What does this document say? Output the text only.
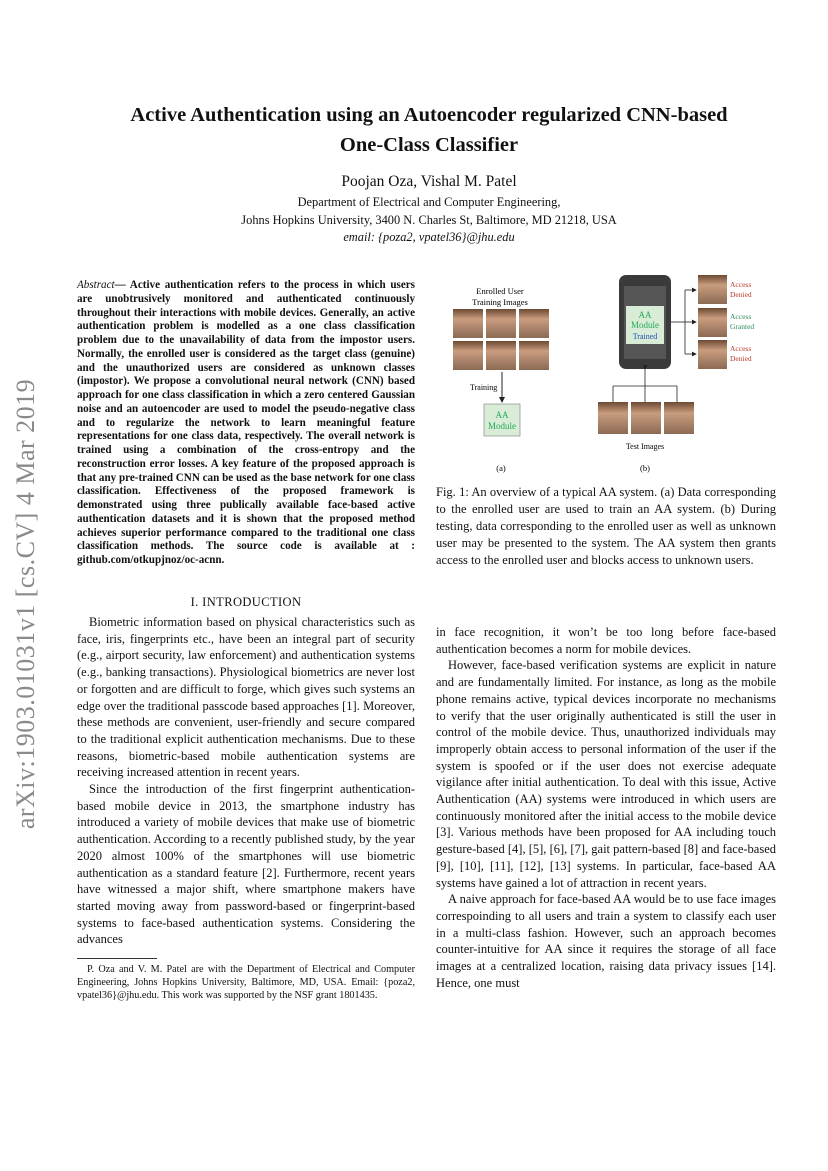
arXiv:1903.01031v1 [cs.CV] 4 Mar 2019
Active Authentication using an Autoencoder regularized CNN-based
One-Class Classifier
Poojan Oza, Vishal M. Patel
Department of Electrical and Computer Engineering,
Johns Hopkins University, 3400 N. Charles St, Baltimore, MD 21218, USA
email: {poza2, vpatel36}@jhu.edu

Abstract— Active authentication refers to the process in which users are unobtrusively monitored and authenticated continuously throughout their interactions with mobile devices. Generally, an active authentication problem is modelled as a one class classification problem due to the unavailability of data from the impostor users. Normally, the enrolled user is considered as the target class (genuine) and the unauthorized users are considered as unknown classes (impostor). We propose a convolutional neural network (CNN) based approach for one class classification in which a zero centered Gaussian noise and an autoencoder are used to model the pseudo-negative class and to regularize the network to learn meaningful feature representations for one class data, respectively. The overall network is trained using a combination of the cross-entropy and the reconstruction error losses. A key feature of the proposed approach is that any pre-trained CNN can be used as the base network for one class classification. Effectiveness of the proposed framework is demonstrated using three publically available face-based active authentication datasets and it is shown that the proposed method achieves superior performance compared to the traditional one class classification methods. The source code is available at : github.com/otkupjnoz/oc-acnn.

I. INTRODUCTION

Biometric information based on physical characteristics such as face, iris, fingerprints etc., have been an integral part of security (e.g., airport security, law enforcement) and authentication systems (e.g., banking transactions). Physiological biometrics are never lost or forgotten and are difficult to forge, which gives such systems an edge over the traditional passcode based approaches [1]. Moreover, these methods are convenient, user-friendly and secure compared to the traditional explicit authentication mechanisms. Due to these reasons, biometric-based mobile authentication systems are receiving increased attention in recent years.

Since the introduction of the first fingerprint authentication-based mobile device in 2013, the smartphone industry has introduced a variety of mobile devices that make use of biometric authentication. According to a recently published study, by the year 2020 almost 100% of the smartphones will use biometric authentication as a standard feature [2]. Furthermore, recent years have witnessed a major shift, where smartphone makers have started moving away from password-based or fingerprint-based systems to face-based authentication systems. Considering the advances

P. Oza and V. M. Patel are with the Department of Electrical and Computer Engineering, Johns Hopkins University, Baltimore, MD, USA. Email: {poza2, vpatel36}@jhu.edu. This work was supported by the NSF grant 1801435.
Enrolled User
Training Images
Training
AA
Module
(a)
AA
Module
Trained
Access
Denied
Access
Granted
Access
Denied
Test Images
(b)
Fig. 1: An overview of a typical AA system. (a) Data corresponding to the enrolled user are used to train an AA system. (b) During testing, data corresponding to the enrolled user as well as unknown user may be presented to the system. The AA system then grants access to the enrolled user and blocks access to unknown users.

in face recognition, it won’t be too long before face-based authentication becomes a norm for mobile devices.

However, face-based verification systems are explicit in nature and are fundamentally limited. For instance, as long as the mobile phone remains active, typical devices incorporate no mechanisms to verify that the user originally authenticated is still the user in control of the mobile device. Thus, unauthorized individuals may improperly obtain access to personal information of the user if the system is spoofed or if the user does not exercise adequate vigilance after initial authentication. To deal with this issue, Active Authentication (AA) systems were introduced in which users are continuously monitored after the initial access to the mobile device [3]. Various methods have been proposed for AA including touch gesture-based [4], [5], [6], [7], gait pattern-based [8] and face-based [9], [10], [11], [12], [13] systems. In particular, face-based AA systems have gained a lot of attraction in recent years.

A naive approach for face-based AA would be to use face images correspoinding to all users and train a system to classify each user in a multi-class fashion. However, such an approach becomes counter-intuitive for AA since it requires the storage of all face images at a centralized location, raising data privacy issues [14]. Hence, one must
